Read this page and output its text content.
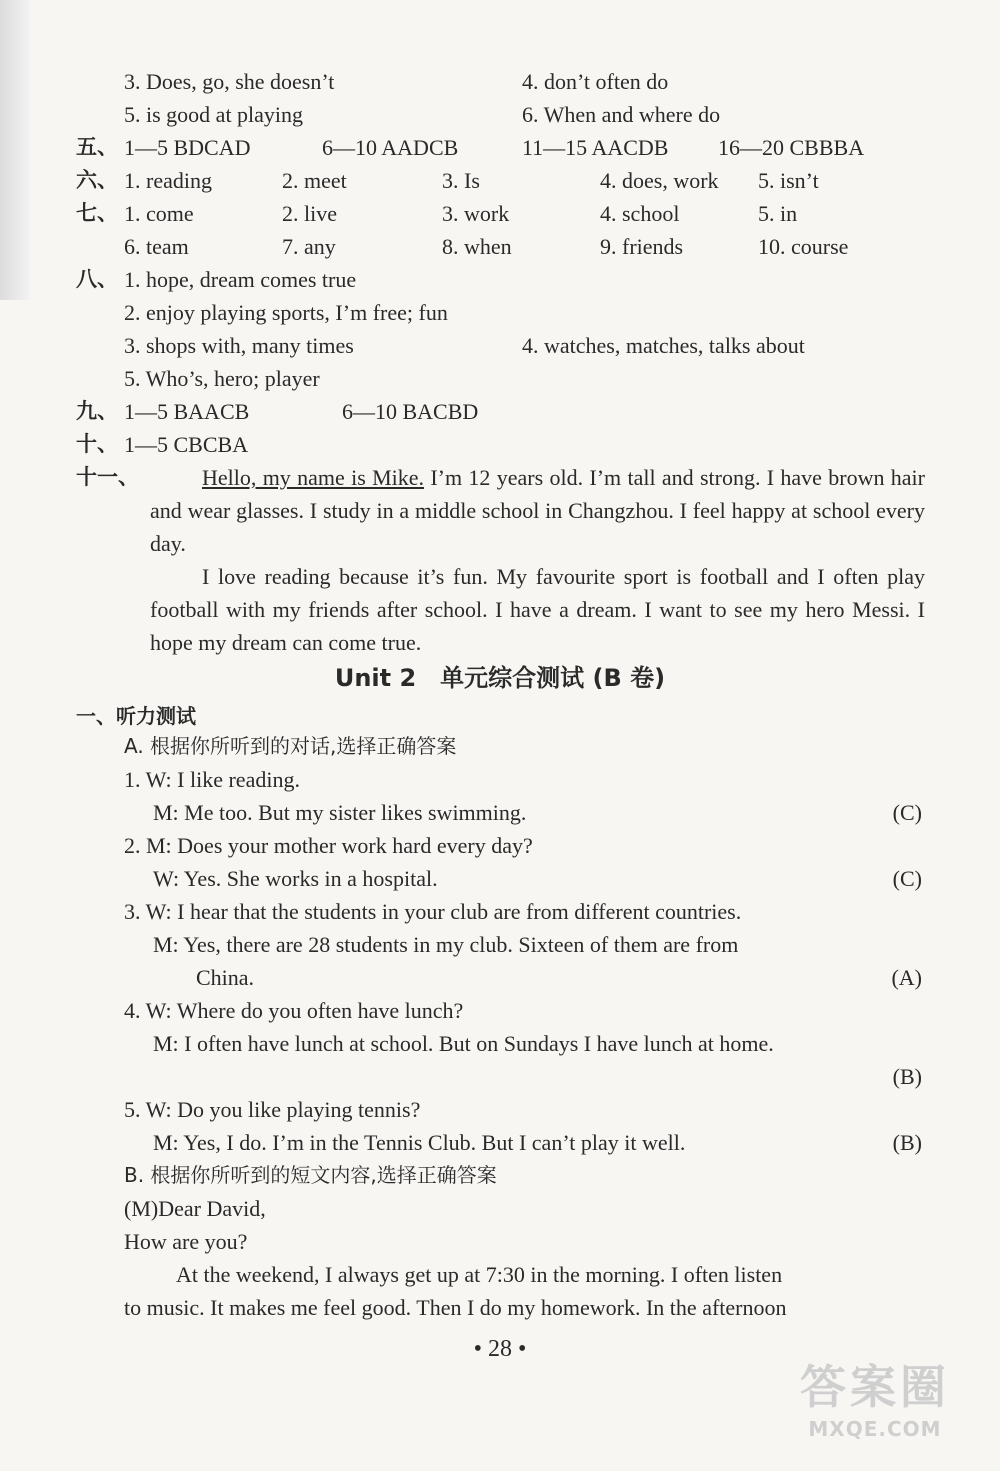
3. Does, go, she doesn’t	4. don’t often do
5. is good at playing	6. When and where do
五、 1—5 BDCAD	6—10 AADCB	11—15 AACDB 16—20 CBBBA
六、 1. reading	2. meet	3. Is	4. does, work 5. isn’t
七、 1. come	2. live	3. work	4. school	5. in
6. team	7. any	8. when	9. friends	10. course
八、 1. hope, dream comes true
2. enjoy playing sports, I’m free; fun
3. shops with, many times	4. watches, matches, talks about
5. Who’s, hero; player
九、 1—5 BAACB	6—10 BACBD
十、 1—5 CBCBA
十一、	Hello, my name is Mike. I’m 12 years old. I’m tall and strong. I have brown hair and wear glasses. I study in a middle school in Changzhou. I feel happy at school every day.
I love reading because it’s fun. My favourite sport is football and I often play football with my friends after school. I have a dream. I want to see my hero Messi. I hope my dream can come true.
Unit 2　单元综合测试 (B 卷)
一、听力测试
A. 根据你所听到的对话,选择正确答案
1. W: I like reading.
M: Me too. But my sister likes swimming.	(C)
2. M: Does your mother work hard every day?
W: Yes. She works in a hospital.	(C)
3. W: I hear that the students in your club are from different countries.
M: Yes, there are 28 students in my club. Sixteen of them are from
China.	(A)
4. W: Where do you often have lunch?
M: I often have lunch at school. But on Sundays I have lunch at home.
(B)
5. W: Do you like playing tennis?
M: Yes, I do. I’m in the Tennis Club. But I can’t play it well.	(B)
B. 根据你所听到的短文内容,选择正确答案
(M)Dear David,
How are you?
At the weekend, I always get up at 7:30 in the morning. I often listen
to music. It makes me feel good. Then I do my homework. In the afternoon
• 28 •
答案圈
MXQE.COM
